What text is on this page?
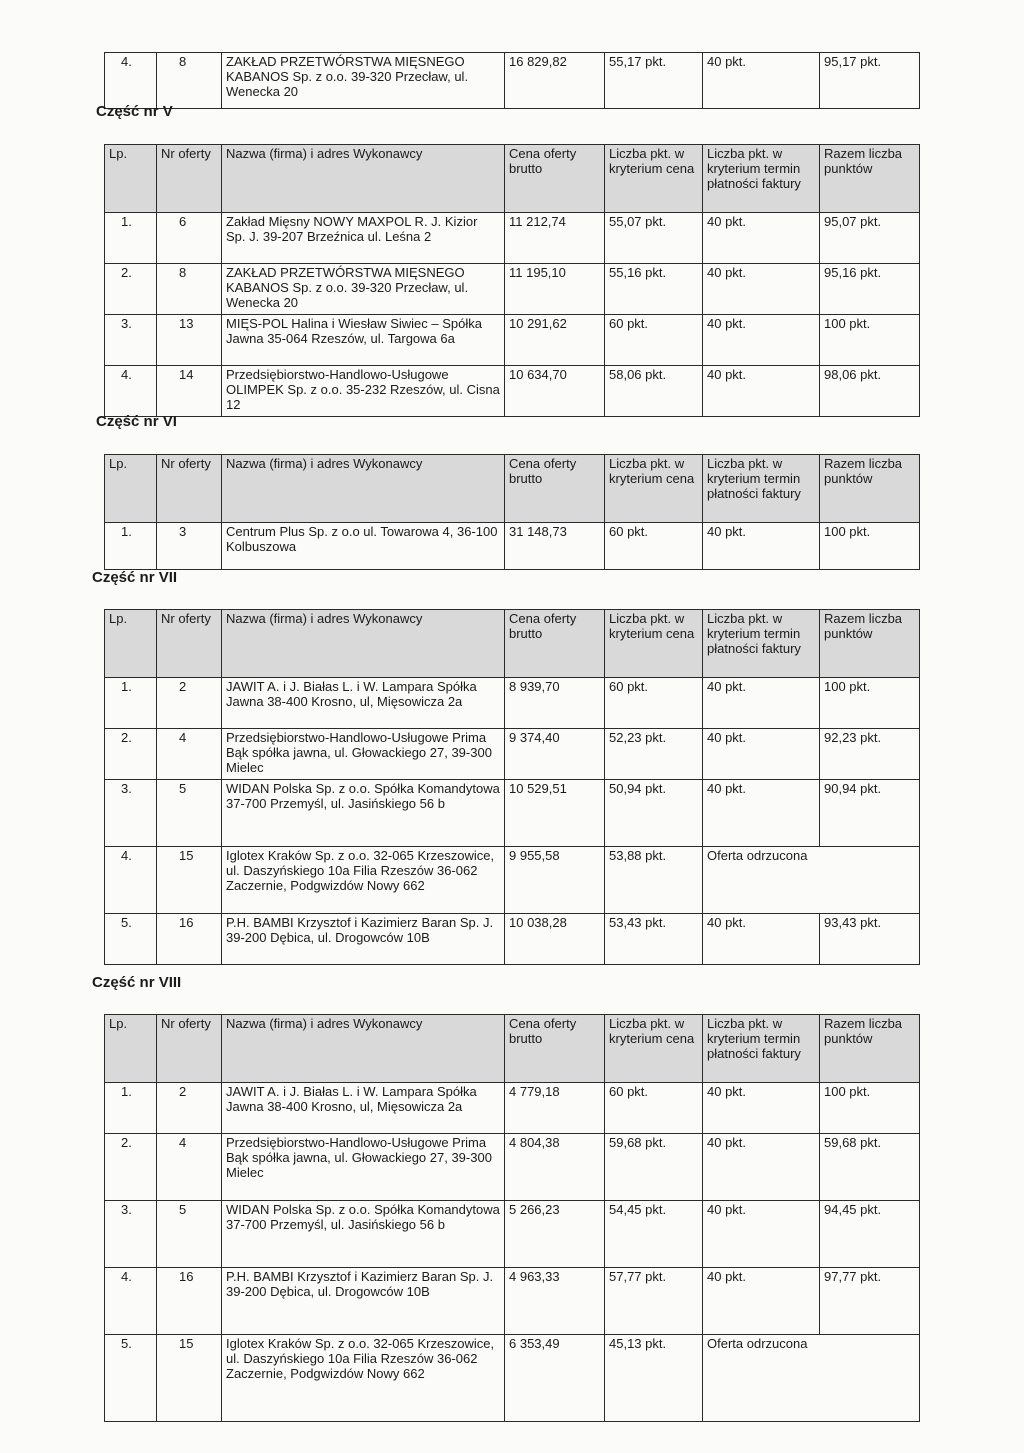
4.	8	ZAKŁAD PRZETWÓRSTWA MIĘSNEGO KABANOS Sp. z o.o. 39-320 Przecław, ul. Wenecka 20	16 829,82	55,17 pkt.	40 pkt.	95,17 pkt.
Część nr V
Lp.	Nr oferty	Nazwa (firma) i adres Wykonawcy	Cena oferty brutto	Liczba pkt. w kryterium cena	Liczba pkt. w kryterium termin płatności faktury	Razem liczba punktów
1.	6	Zakład Mięsny NOWY MAXPOL R. J. Kizior Sp. J. 39-207 Brzeźnica ul. Leśna 2	11 212,74	55,07 pkt.	40 pkt.	95,07 pkt.
2.	8	ZAKŁAD PRZETWÓRSTWA MIĘSNEGO KABANOS Sp. z o.o. 39-320 Przecław, ul. Wenecka 20	11 195,10	55,16 pkt.	40 pkt.	95,16 pkt.
3.	13	MIĘS-POL Halina i Wiesław Siwiec – Spółka Jawna 35-064 Rzeszów, ul. Targowa 6a	10 291,62	60 pkt.	40 pkt.	100 pkt.
4.	14	Przedsiębiorstwo-Handlowo-Usługowe OLIMPEK Sp. z o.o. 35-232 Rzeszów, ul. Cisna 12	10 634,70	58,06 pkt.	40 pkt.	98,06 pkt.
Część nr VI
Lp.	Nr oferty	Nazwa (firma) i adres Wykonawcy	Cena oferty brutto	Liczba pkt. w kryterium cena	Liczba pkt. w kryterium termin płatności faktury	Razem liczba punktów
1.	3	Centrum Plus Sp. z o.o ul. Towarowa 4, 36-100 Kolbuszowa	31 148,73	60 pkt.	40 pkt.	100 pkt.
Część nr VII
Lp.	Nr oferty	Nazwa (firma) i adres Wykonawcy	Cena oferty brutto	Liczba pkt. w kryterium cena	Liczba pkt. w kryterium termin płatności faktury	Razem liczba punktów
1.	2	JAWIT A. i J. Białas L. i W. Lampara Spółka Jawna 38-400 Krosno, ul, Mięsowicza 2a	8 939,70	60 pkt.	40 pkt.	100 pkt.
2.	4	Przedsiębiorstwo-Handlowo-Usługowe Prima Bąk spółka jawna, ul. Głowackiego 27, 39-300 Mielec	9 374,40	52,23 pkt.	40 pkt.	92,23 pkt.
3.	5	WIDAN Polska Sp. z o.o. Spółka Komandytowa 37-700 Przemyśl, ul. Jasińskiego 56 b	10 529,51	50,94 pkt.	40 pkt.	90,94 pkt.
4.	15	Iglotex Kraków Sp. z o.o. 32-065 Krzeszowice, ul. Daszyńskiego 10a Filia Rzeszów 36-062 Zaczernie, Podgwizdów Nowy 662	9 955,58	53,88 pkt.	Oferta odrzucona	
5.	16	P.H. BAMBI Krzysztof i Kazimierz Baran Sp. J. 39-200 Dębica, ul. Drogowców 10B	10 038,28	53,43 pkt.	40 pkt.	93,43 pkt.
Część nr VIII
Lp.	Nr oferty	Nazwa (firma) i adres Wykonawcy	Cena oferty brutto	Liczba pkt. w kryterium cena	Liczba pkt. w kryterium termin płatności faktury	Razem liczba punktów
1.	2	JAWIT A. i J. Białas L. i W. Lampara Spółka Jawna 38-400 Krosno, ul, Mięsowicza 2a	4 779,18	60 pkt.	40 pkt.	100 pkt.
2.	4	Przedsiębiorstwo-Handlowo-Usługowe Prima Bąk spółka jawna, ul. Głowackiego 27, 39-300 Mielec	4 804,38	59,68 pkt.	40 pkt.	59,68 pkt.
3.	5	WIDAN Polska Sp. z o.o. Spółka Komandytowa 37-700 Przemyśl, ul. Jasińskiego 56 b	5 266,23	54,45 pkt.	40 pkt.	94,45 pkt.
4.	16	P.H. BAMBI Krzysztof i Kazimierz Baran Sp. J. 39-200 Dębica, ul. Drogowców 10B	4 963,33	57,77 pkt.	40 pkt.	97,77 pkt.
5.	15	Iglotex Kraków Sp. z o.o. 32-065 Krzeszowice, ul. Daszyńskiego 10a Filia Rzeszów 36-062 Zaczernie, Podgwizdów Nowy 662	6 353,49	45,13 pkt.	Oferta odrzucona	
